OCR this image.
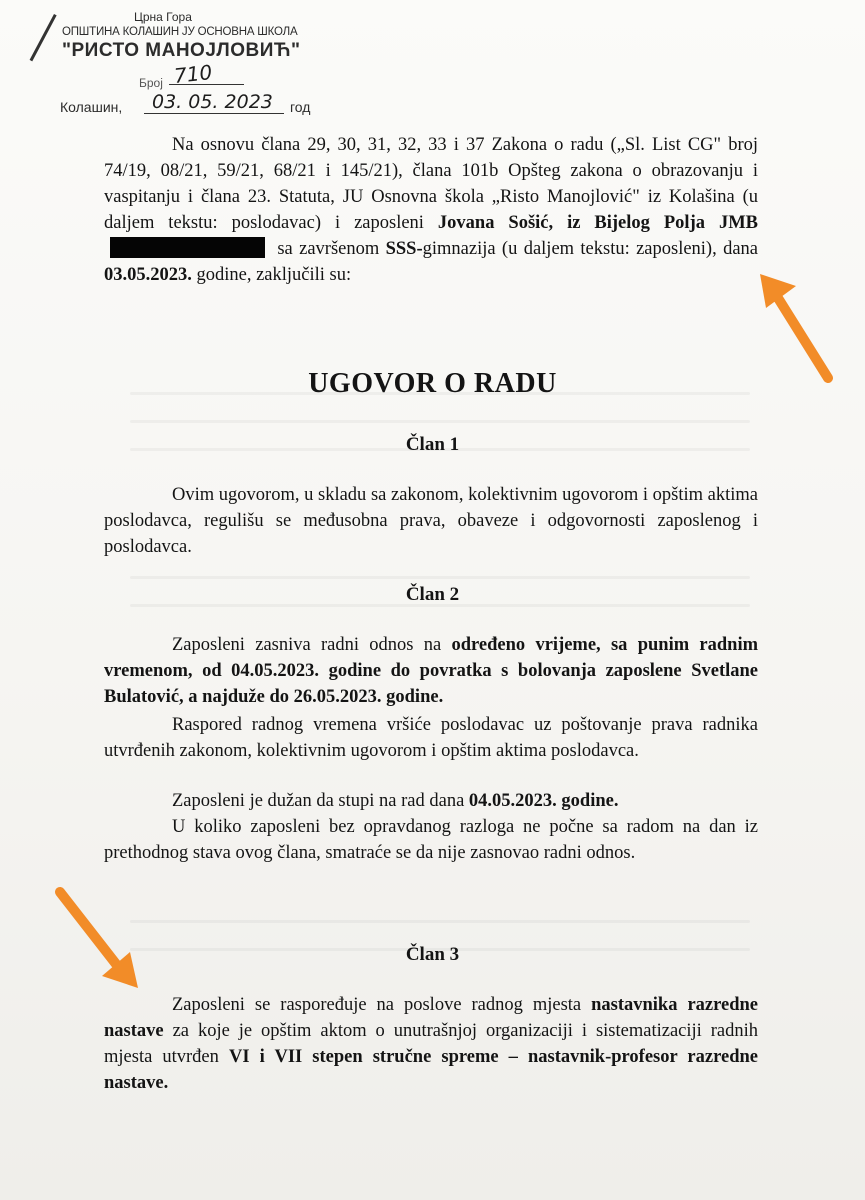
Црна Гора
ОПШТИНА КОЛАШИН ЈУ ОСНОВНА ШКОЛА
"РИСТО МАНОЈЛОВИЋ"
Број 710
Колашин, 03. 05. 2023 год
Na osnovu člana 29, 30, 31, 32, 33 i 37 Zakona o radu („Sl. List CG" broj 74/19, 08/21, 59/21, 68/21 i 145/21), člana 101b Opšteg zakona o obrazovanju i vaspitanju i člana 23. Statuta, JU Osnovna škola „Risto Manojlović" iz Kolašina (u daljem tekstu: poslodavac) i zaposleni Jovana Sošić, iz Bijelog Polja JMB sa završenom SSS-gimnazija (u daljem tekstu: zaposleni), dana 03.05.2023. godine, zaključili su:
UGOVOR O RADU
Član 1
Ovim ugovorom, u skladu sa zakonom, kolektivnim ugovorom i opštim aktima poslodavca, regulišu se međusobna prava, obaveze i odgovornosti zaposlenog i poslodavca.
Član 2
Zaposleni zasniva radni odnos na određeno vrijeme, sa punim radnim vremenom, od 04.05.2023. godine do povratka s bolovanja zaposlene Svetlane Bulatović, a najduže do 26.05.2023. godine.
Raspored radnog vremena vršiće poslodavac uz poštovanje prava radnika utvrđenih zakonom, kolektivnim ugovorom i opštim aktima poslodavca.
Zaposleni je dužan da stupi na rad dana 04.05.2023. godine.
U koliko zaposleni bez opravdanog razloga ne počne sa radom na dan iz prethodnog stava ovog člana, smatraće se da nije zasnovao radni odnos.
Član 3
Zaposleni se raspoređuje na poslove radnog mjesta nastavnika razredne nastave za koje je opštim aktom o unutrašnjoj organizaciji i sistematizaciji radnih mjesta utvrđen VI i VII stepen stručne spreme – nastavnik-profesor razredne nastave.
